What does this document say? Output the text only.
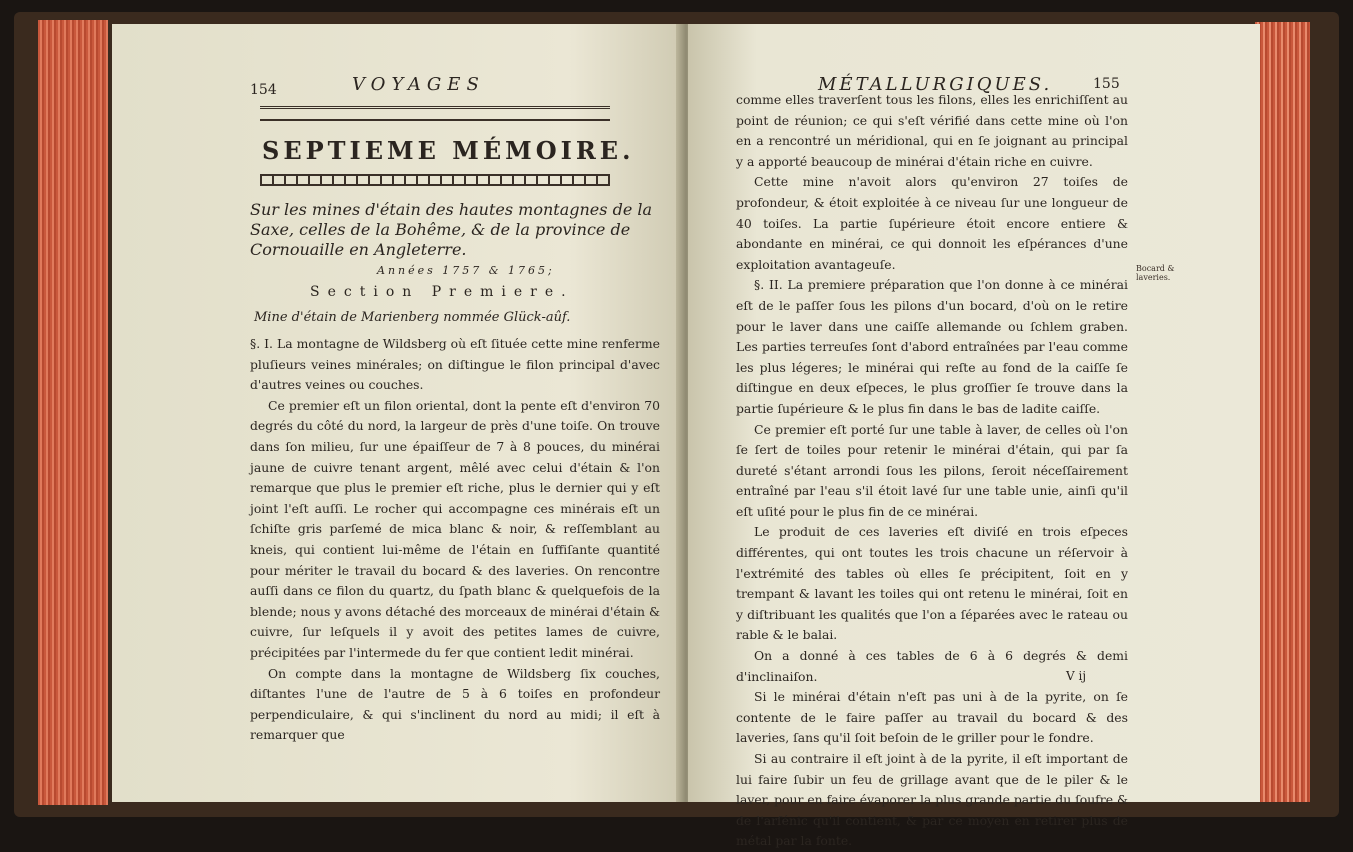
154	VOYAGES
SEPTIEME MÉMOIRE.
Sur les mines d'étain des hautes montagnes de la Saxe, celles de la Bohême, & de la province de Cornouaille en Angleterre.
Années 1757 & 1765;
Section Premiere.
Mine d'étain de Marienberg nommée Glück-aûf.

§. I. La montagne de Wildsberg où eſt ſituée cette mine renferme pluſieurs veines minérales; on diſtingue le filon principal d'avec d'autres veines ou couches.

Ce premier eſt un filon oriental, dont la pente eſt d'environ 70 degrés du côté du nord, la largeur de près d'une toiſe. On trouve dans ſon milieu, ſur une épaiſſeur de 7 à 8 pouces, du minérai jaune de cuivre tenant argent, mêlé avec celui d'étain & l'on remarque que plus le premier eſt riche, plus le dernier qui y eſt joint l'eſt auſſi. Le rocher qui accompagne ces minérais eſt un ſchiſte gris parſemé de mica blanc & noir, & reſſemblant au kneis, qui contient lui-même de l'étain en ſuffiſante quantité pour mériter le travail du bocard & des laveries. On rencontre auſſi dans ce filon du quartz, du ſpath blanc & quelquefois de la blende; nous y avons détaché des morceaux de minérai d'étain & cuivre, ſur leſquels il y avoit des petites lames de cuivre, précipitées par l'intermede du fer que contient ledit minérai.

On compte dans la montagne de Wildsberg ſix couches, diſtantes l'une de l'autre de 5 à 6 toiſes en profondeur perpendiculaire, & qui s'inclinent du nord au midi; il eſt à remarquer que

MÉTALLURGIQUES.	155

comme elles traverſent tous les filons, elles les enrichiſſent au point de réunion; ce qui s'eſt vérifié dans cette mine où l'on en a rencontré un méridional, qui en ſe joignant au principal y a apporté beaucoup de minérai d'étain riche en cuivre.

Cette mine n'avoit alors qu'environ 27 toiſes de profondeur, & étoit exploitée à ce niveau ſur une longueur de 40 toiſes. La partie ſupérieure étoit encore entiere & abondante en minérai, ce qui donnoit les eſpérances d'une exploitation avantageuſe.

§. II. La premiere préparation que l'on donne à ce minérai eſt de le paſſer ſous les pilons d'un bocard, d'où on le retire pour le laver dans une caiſſe allemande ou ſchlem graben. Les parties terreuſes ſont d'abord entraînées par l'eau comme les plus légeres; le minérai qui reſte au fond de la caiſſe ſe diſtingue en deux eſpeces, le plus groſſier ſe trouve dans la partie ſupérieure & le plus fin dans le bas de ladite caiſſe.

Ce premier eſt porté ſur une table à laver, de celles où l'on ſe ſert de toiles pour retenir le minérai d'étain, qui par ſa dureté s'étant arrondi ſous les pilons, ſeroit néceſſairement entraîné par l'eau s'il étoit lavé ſur une table unie, ainſi qu'il eſt uſité pour le plus fin de ce minérai.

Le produit de ces laveries eſt diviſé en trois eſpeces différentes, qui ont toutes les trois chacune un réſervoir à l'extrémité des tables où elles ſe précipitent, ſoit en y trempant & lavant les toiles qui ont retenu le minérai, ſoit en y diſtribuant les qualités que l'on a ſéparées avec le rateau ou rable & le balai.

On a donné à ces tables de 6 à 6 degrés & demi d'inclinaiſon.

Si le minérai d'étain n'eſt pas uni à de la pyrite, on ſe contente de le faire paſſer au travail du bocard & des laveries, ſans qu'il ſoit beſoin de le griller pour le fondre.

Si au contraire il eſt joint à de la pyrite, il eſt important de lui faire ſubir un feu de grillage avant que de le piler & le laver, pour en faire évaporer la plus grande partie du ſoufre & de l'arſénic qu'il contient, & par ce moyen en retirer plus de métal par la fonte.

Bocard & laveries.
V ij
